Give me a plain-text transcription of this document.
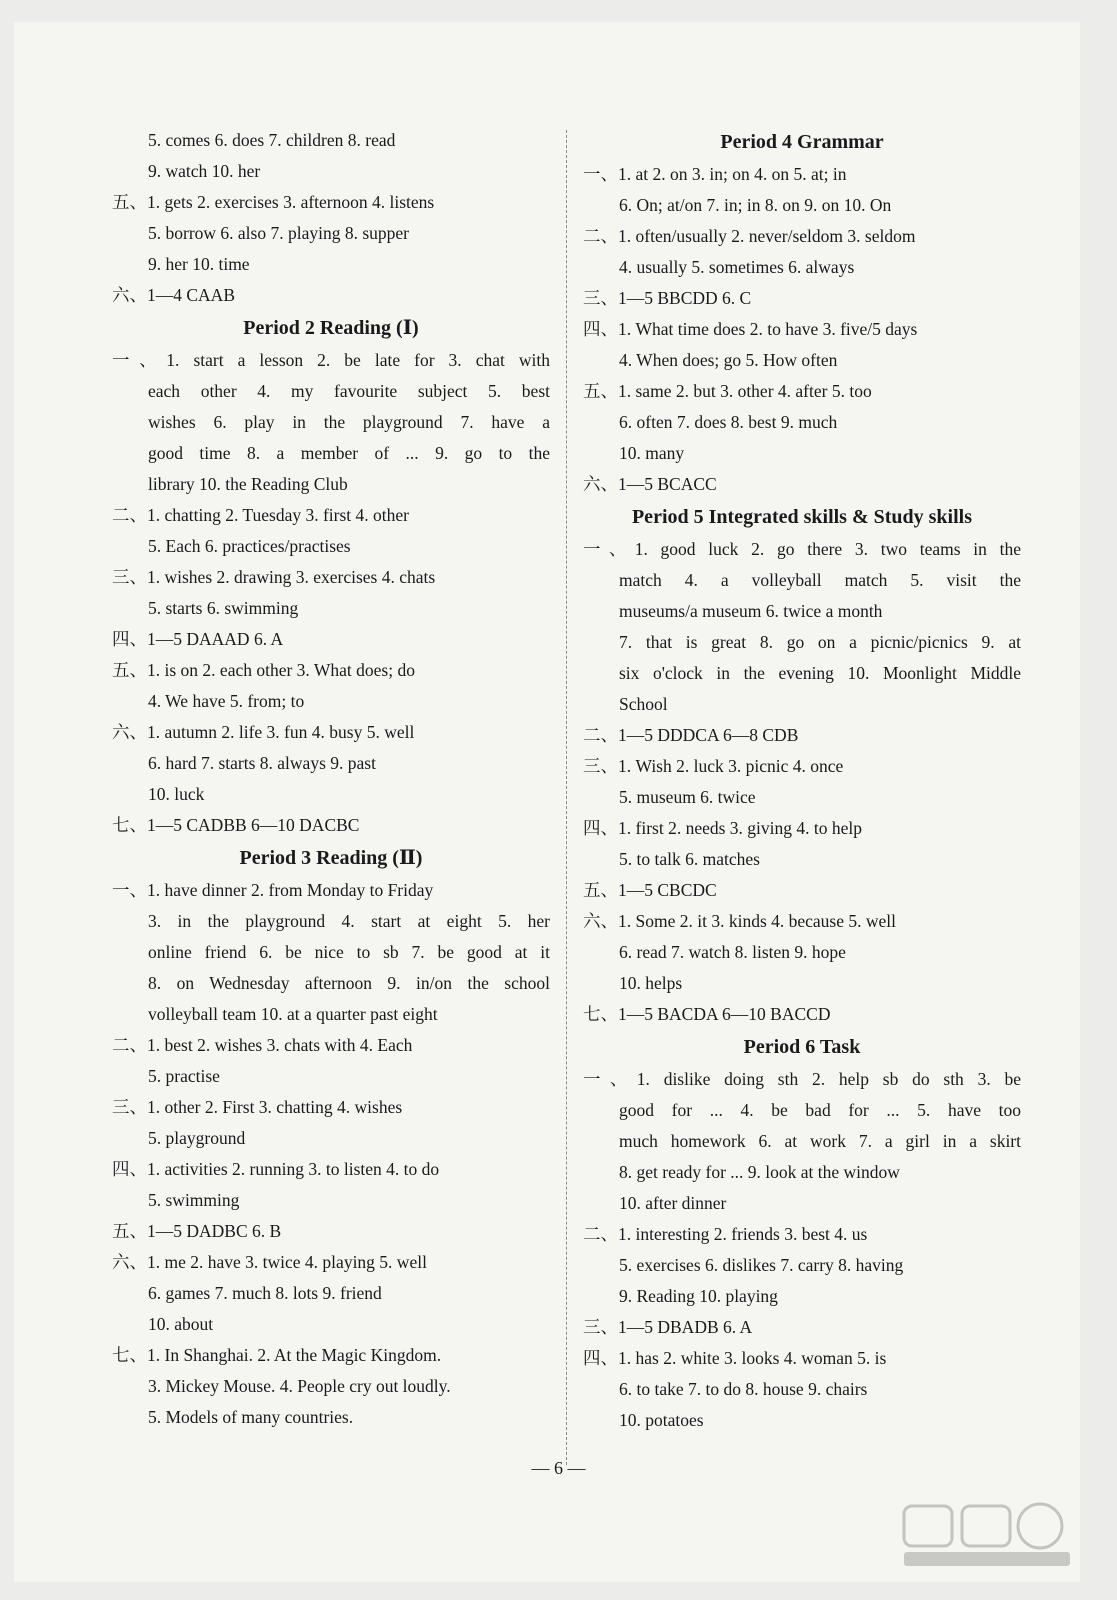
5. comes 6. does 7. children 8. read
9. watch 10. her
五、1. gets 2. exercises 3. afternoon 4. listens
5. borrow 6. also 7. playing 8. supper
9. her 10. time
六、1—4 CAAB
Period 2 Reading (Ⅰ)
一、1. start a lesson 2. be late for 3. chat with
each other 4. my favourite subject 5. best
wishes 6. play in the playground 7. have a
good time 8. a member of ... 9. go to the
library 10. the Reading Club
二、1. chatting 2. Tuesday 3. first 4. other
5. Each 6. practices/practises
三、1. wishes 2. drawing 3. exercises 4. chats
5. starts 6. swimming
四、1—5 DAAAD 6. A
五、1. is on 2. each other 3. What does; do
4. We have 5. from; to
六、1. autumn 2. life 3. fun 4. busy 5. well
6. hard 7. starts 8. always 9. past
10. luck
七、1—5 CADBB 6—10 DACBC
Period 3 Reading (Ⅱ)
一、1. have dinner 2. from Monday to Friday
3. in the playground 4. start at eight 5. her
online friend 6. be nice to sb 7. be good at it
8. on Wednesday afternoon 9. in/on the school
volleyball team 10. at a quarter past eight
二、1. best 2. wishes 3. chats with 4. Each
5. practise
三、1. other 2. First 3. chatting 4. wishes
5. playground
四、1. activities 2. running 3. to listen 4. to do
5. swimming
五、1—5 DADBC 6. B
六、1. me 2. have 3. twice 4. playing 5. well
6. games 7. much 8. lots 9. friend
10. about
七、1. In Shanghai. 2. At the Magic Kingdom.
3. Mickey Mouse. 4. People cry out loudly.
5. Models of many countries.
Period 4 Grammar
一、1. at 2. on 3. in; on 4. on 5. at; in
6. On; at/on 7. in; in 8. on 9. on 10. On
二、1. often/usually 2. never/seldom 3. seldom
4. usually 5. sometimes 6. always
三、1—5 BBCDD 6. C
四、1. What time does 2. to have 3. five/5 days
4. When does; go 5. How often
五、1. same 2. but 3. other 4. after 5. too
6. often 7. does 8. best 9. much
10. many
六、1—5 BCACC
Period 5 Integrated skills & Study skills
一、1. good luck 2. go there 3. two teams in the
match 4. a volleyball match 5. visit the
museums/a museum 6. twice a month
7. that is great 8. go on a picnic/picnics 9. at
six o'clock in the evening 10. Moonlight Middle
School
二、1—5 DDDCA 6—8 CDB
三、1. Wish 2. luck 3. picnic 4. once
5. museum 6. twice
四、1. first 2. needs 3. giving 4. to help
5. to talk 6. matches
五、1—5 CBCDC
六、1. Some 2. it 3. kinds 4. because 5. well
6. read 7. watch 8. listen 9. hope
10. helps
七、1—5 BACDA 6—10 BACCD
Period 6 Task
一、1. dislike doing sth 2. help sb do sth 3. be
good for ... 4. be bad for ... 5. have too
much homework 6. at work 7. a girl in a skirt
8. get ready for ... 9. look at the window
10. after dinner
二、1. interesting 2. friends 3. best 4. us
5. exercises 6. dislikes 7. carry 8. having
9. Reading 10. playing
三、1—5 DBADB 6. A
四、1. has 2. white 3. looks 4. woman 5. is
6. to take 7. to do 8. house 9. chairs
10. potatoes
— 6 —
